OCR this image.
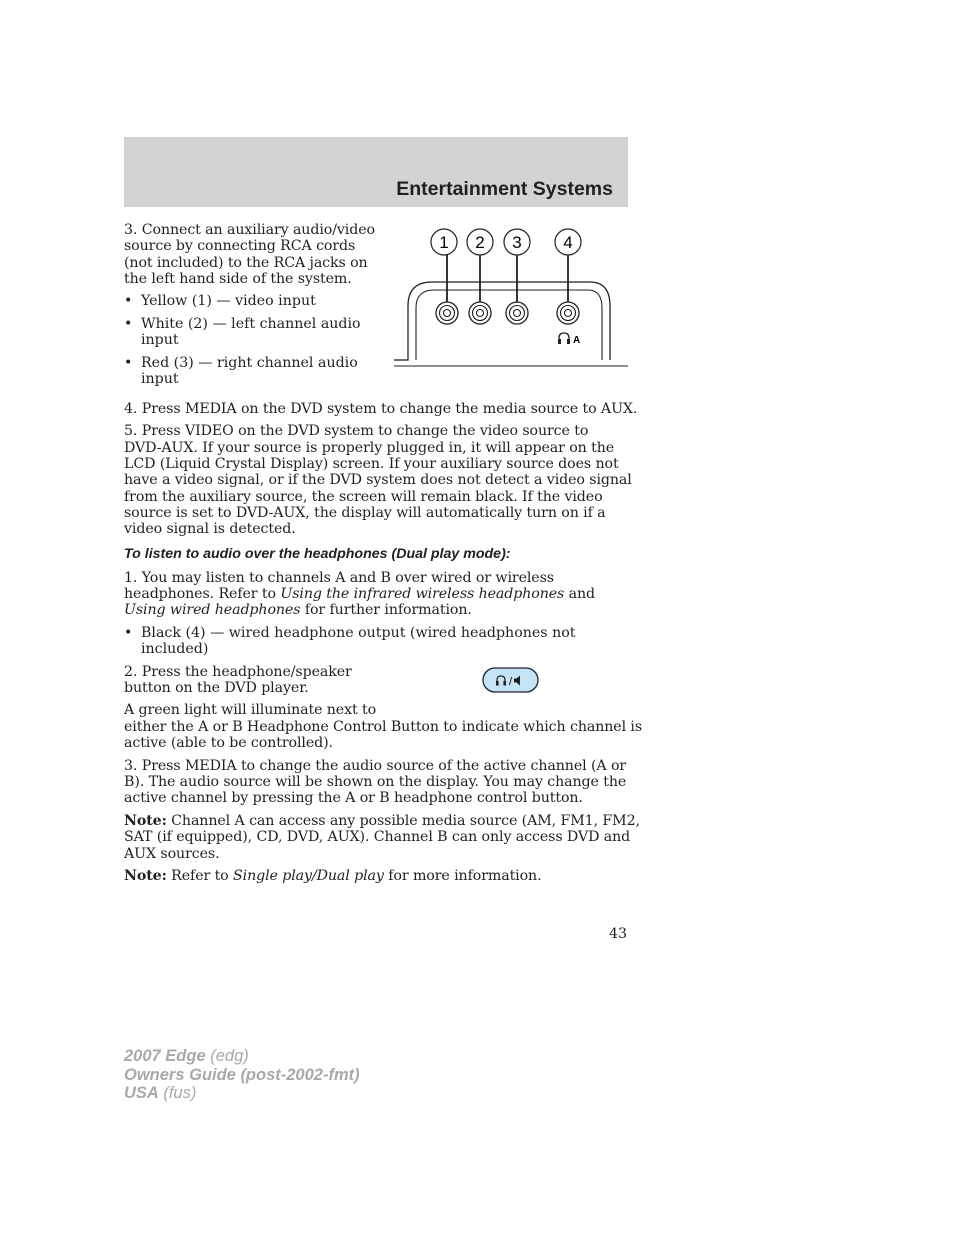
Entertainment Systems

3. Connect an auxiliary audio/video

source by connecting RCA cords

(not included) to the RCA jacks on

the left hand side of the system.

• Yellow (1) — video input
• White (2) — left channel audio
input
• Red (3) — right channel audio
input
1 2 3 4
A

4. Press MEDIA on the DVD system to change the media source to AUX.

5. Press VIDEO on the DVD system to change the video source to

DVD-AUX. If your source is properly plugged in, it will appear on the

LCD (Liquid Crystal Display) screen. If your auxiliary source does not

have a video signal, or if the DVD system does not detect a video signal

from the auxiliary source, the screen will remain black. If the video

source is set to DVD-AUX, the display will automatically turn on if a

video signal is detected.

To listen to audio over the headphones (Dual play mode):

1. You may listen to channels A and B over wired or wireless

headphones. Refer to Using the infrared wireless headphones and

Using wired headphones for further information.

• Black (4) — wired headphone output (wired headphones not
included)

2. Press the headphone/speaker

button on the DVD player.	/

A green light will illuminate next to

either the A or B Headphone Control Button to indicate which channel is

active (able to be controlled).

3. Press MEDIA to change the audio source of the active channel (A or

B). The audio source will be shown on the display. You may change the

active channel by pressing the A or B headphone control button.

Note: Channel A can access any possible media source (AM, FM1, FM2,

SAT (if equipped), CD, DVD, AUX). Channel B can only access DVD and

AUX sources.

Note: Refer to Single play/Dual play for more information.

43

2007 Edge (edg)
Owners Guide (post-2002-fmt)
USA (fus)
